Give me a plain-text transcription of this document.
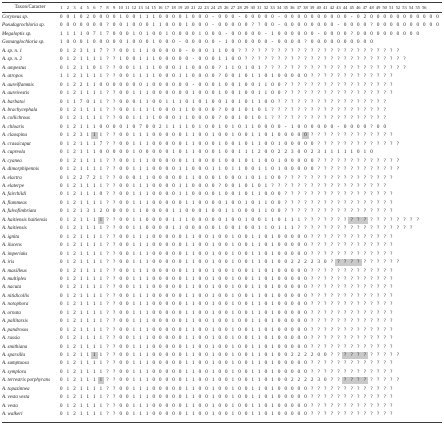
Taxon/Caracter	1 2 3	4 5	6 7 8	9 10 11 12 13 14 15 16 17 18 19 20 21 22 23 24 25 26 27 28 29 30 31 32 33 34 35 36 37 38 39 40 41 42 43 44 45 46 47 48 49 50 51 52 53 54 55 56
Coryneus sp.	0 0 1 0 2 0 0 0 0 1 0 0 1 1 1 0 0 0 0 1 0 0 0 - 0 0 0 - 0 0 0 0 0 - 0 0 0 0 0 0 0 0 0 0 - 0 2 0 0 0 0 0 0 0 0 0 0 0
Pseudagrochloria sp.	0 0 0 0 0 0 0 ? 0 0 1 0 0 0 1 1 0 0 0 1 0 0 0 - 0 0 0 0 0 ? ? 0 0 - 0 0 0 0 0 0 0 0 - 0 0 0 0 ? 0 0 0 0 0 0 0 0 0 0
Megaloptis sp.	1 1 1 1 0 7 1 7 0 0 0 1 0 1 0 0 1 0 0 0 0 1 0 0 0 - 0 0 0 0 0 - 1 0 0 0 0 0 0 - 0 0 0 0 ? 0 0 0 0 0 0 0 0 0 0
Gomanglochloria sp.	1 0 0 0 1 0 0 0 0 0 1 0 0 0 1 0 0 0 - 0 0 0 0 0 - 1 0 0 0 0 0 0 - 0 0 0 0 ? 0 0 0 0 0 0 0 0 0 0
A. sp. n. 1	0 1 2 3 1 1 7 ? ? 0 0 1 1 1 0 0 0 0 0 - 0 0 0 1 1 0 0 ? ? ? ? ? ? ? ? ? ? ? ? ? ? ? ? ? ? ? ? ? ? ? ? ?
A. sp. n. 2	0 1 2 1 1 1 1 ? ? 1 0 0 1 1 1 0 0 0 0 0 - 0 0 0 1 1 0 0 ? ? ? ? ? ? ? ? ? ? ? ? ? ? ? ? ? ? ? ? ? ? ? ? ?
A. ampestus	0 1 2 1 1 0 1 ? ? 0 0 1 1 1 1 0 0 0 1 1 0 0 0 0 ? 1 1 0 1 0 1 ? ? ? ? ? ? ? ? ? ? ? ? ? ? ? ? ? ? ? ? ? ?
A. atropos	1 1 2 1 1 1 1 ? ? 0 0 1 1 1 1 0 0 0 1 1 0 0 0 0 ? 0 0 1 0 1 1 0 1 0 0 0 0 0 ? ? ? ? ? ? ? ? ? ? ? ? ?
A. aureiflammis	0 1 2 2 1 1 0 0 0 0 0 0 0 1 0 0 0 0 0 0 - 0 0 0 1 0 0 1 0 0 1 1 0 0 ? ? ? ? ? ? ? ? ? ? ? ? ? ? ? ? ?
A. aureivestis	0 1 2 1 1 1 1 ? ? 0 0 1 1 1 0 0 0 0 0 0 1 0 0 0 1 0 0 1 0 0 1 1 0 0 ? ? ? ? ? ? ? ? ? ? ? ? ? ? ? ? ?
A. barbatoi	0 1 1 7 0 1 1 ? ? 0 0 0 1 1 0 0 1 1 1 0 1 0 1 0 0 1 0 1 0 1 1 0 0 ? ? ? ? ? ? ? ? ? ? ? ? ? ? ? ? ?
A. brachycephala	0 1 2 1 1 1 1 ? ? 0 0 1 1 1 1 0 0 0 1 1 0 0 0 0 ? 0 0 1 0 1 0 1 ? ? ? ? ? ? ? ? ? ? ? ? ? ? ? ? ? ?
A. collichrous	0 1 2 1 1 1 1 ? ? 0 0 1 1 1 1 0 0 0 1 1 0 0 0 0 ? 0 0 1 0 1 0 1 ? ? ? ? ? ? ? ? ? ? ? ? ? ? ? ? ? ?
A. chloaris	0 1 2 1 1 1 0 0 0 0 1 0 7 0 0 2 1 1 1 1 0 1 0 0 1 0 1 0 1 1 0 0 0 0 - 1 0 0 0 0 0 0 - 0 0 0 0 ? 0 0
A. claospina	0 1 2 3 1 1 1 ? ? 0 0 1 1 1 0 0 0 0 0 1 1 0 0 1 0 0 1 0 0 1 1 0 1 0 0 0 0 0 ? ? ? ? ? ? ? ? ? ? ? ? ?
A. crassicaput	0 1 2 1 1 1 7 ? ? 0 0 1 1 1 0 0 0 0 0 1 1 0 0 0 1 0 0 1 0 1 1 0 0 1 0 0 0 0 0 ? ? ? ? ? ? ? ? ? ? ? ? ?
A. cupreola	0 1 2 1 1 1 0 0 0 0 0 1 0 0 0 0 0 1 0 1 1 0 0 0 1 0 0 1 1 1 2 0 0 2 2 3 0 0 2 3 1 1 1 1 1 0 1 0
A. cyanea	0 1 2 1 1 1 1 ? ? 0 0 1 1 1 0 0 0 0 0 1 1 0 0 0 1 0 0 1 0 1 1 0 0 1 0 0 0 0 0 ? ? ? ? ? ? ? ? ? ? ? ? ?
A. dimorphipennis	0 1 2 1 1 1 1 ? ? 0 0 1 1 1 0 0 0 0 1 1 0 0 0 1 1 0 1 1 0 0 1 1 0 1 0 0 0 0 0 ? ? ? ? ? ? ? ? ? ? ? ? ?
A. elactra	0 1 2 2 7 2 1 ? ? 0 0 0 1 1 0 0 0 0 0 1 1 0 0 0 1 0 0 0 1 0 1 1 0 0 ? ? ? ? ? ? ? ? ? ? ? ? ? ? ? ? ?
A. elaterpe	0 1 2 1 1 1 1 ? ? 0 0 1 1 1 0 0 0 0 1 1 0 0 0 0 ? 0 0 1 0 1 0 1 ? ? ? ? ? ? ? ? ? ? ? ? ? ? ? ? ? ?
A. fairchildi	0 1 2 1 1 1 0 ? ? 0 0 1 1 1 0 0 0 0 1 1 0 0 0 0 1 0 0 1 0 1 1 0 0 0 ? ? ? ? ? ? ? ? ? ? ? ? ? ? ? ? ?
A. flammeas	0 1 2 1 1 1 1 ? ? 0 0 1 1 1 0 0 0 0 0 1 1 0 0 0 0 1 0 0 1 0 1 1 0 0 ? ? ? ? ? ? ? ? ? ? ? ? ? ? ? ? ?
A. fulvofimbriata	0 1 2 1 3 1 2 0 0 0 0 1 1 0 0 0 0 1 1 0 0 0 1 0 0 1 1 0 0 0 1 1 0 0 ? ? ? ? ? ? ? ? ? ? ? ? ? ? ? ? ?
A. haitiensis haitiensis	0 1 2 1 1 1 1 ? ? 0 0 1 1 0 0 0 0 1 1 1 0 0 0 0 0 1 0 0 1 0 0 1 1 0 1 1 1 ? ? ? ? ? ? ? ? ? ? ? ? ? ? ? ? ? ?
A. haitiensis	0 1 2 1 1 1 1 ? ? 0 0 1 1 0 0 0 0 1 1 0 0 0 0 0 1 0 0 1 0 0 1 1 0 1 1 1 ? ? ? ? ? ? ? ? ? ? ? ? ? ? ? ? ? ?
A. ignita	0 1 2 1 1 1 1 ? ? 0 0 1 1 1 0 0 0 0 0 1 1 0 0 1 0 0 1 0 0 1 1 0 1 0 0 0 0 0 ? ? ? ? ? ? ? ? ? ? ? ? ?
A. ilucens	0 1 2 1 1 1 1 ? ? 0 0 1 1 1 0 0 0 0 0 1 1 0 0 1 0 0 1 0 0 1 1 0 1 0 0 0 0 0 ? ? ? ? ? ? ? ? ? ? ? ? ?
A. imperiaks	0 1 2 1 1 1 1 ? ? 0 0 1 1 1 0 0 0 0 0 1 1 0 0 1 0 0 1 0 0 1 1 0 1 0 0 0 0 0 ? ? ? ? ? ? ? ? ? ? ? ? ?
A. iris	0 1 2 1 1 1 1 ? ? 0 0 1 1 1 0 0 0 0 0 1 1 0 0 1 0 0 1 0 0 1 1 0 1 0 0 2 2 2 2 3 0 ? ? ? ? ? ? ? ? ? ? ?
A. maxilleus	0 1 2 1 1 1 1 ? ? 0 0 1 1 1 0 0 0 0 0 1 1 0 0 1 0 0 1 0 0 1 1 0 1 0 0 0 0 0 ? ? ? ? ? ? ? ? ? ? ? ? ?
A. multiplex	0 1 2 1 1 1 1 ? ? 0 0 1 1 1 0 0 0 0 0 1 1 0 0 1 0 0 1 0 0 1 1 0 1 0 0 0 0 0 ? ? ? ? ? ? ? ? ? ? ? ? ?
A. nacuta	0 1 2 1 1 1 1 ? ? 0 0 1 1 1 0 0 0 0 0 1 1 0 0 1 0 0 1 0 0 1 1 0 1 0 0 0 0 0 ? ? ? ? ? ? ? ? ? ? ? ? ?
A. nitidicollis	0 1 2 1 1 1 1 ? ? 0 0 1 1 1 0 0 0 0 0 1 1 0 0 1 0 0 1 0 0 1 1 0 1 0 0 0 0 0 ? ? ? ? ? ? ? ? ? ? ? ? ?
A. notophora	0 1 2 1 1 1 1 ? ? 0 0 1 1 1 0 0 0 0 0 1 1 0 0 1 0 0 1 0 0 1 1 0 1 0 0 0 0 0 ? ? ? ? ? ? ? ? ? ? ? ? ?
A. ornata	0 1 2 1 1 1 1 ? ? 0 0 1 1 1 0 0 0 0 0 1 1 0 0 1 0 0 1 0 0 1 1 0 1 0 0 0 0 0 ? ? ? ? ? ? ? ? ? ? ? ? ?
A. pallitarsis	0 1 2 1 1 1 1 ? ? 0 0 1 1 1 0 0 0 0 0 1 1 0 0 1 0 0 1 0 0 1 1 0 1 0 0 0 0 0 ? ? ? ? ? ? ? ? ? ? ? ? ?
A. pandrosos	0 1 2 1 1 1 1 ? ? 0 0 1 1 1 0 0 0 0 0 1 1 0 0 1 0 0 1 0 0 1 1 0 1 0 0 0 0 0 ? ? ? ? ? ? ? ? ? ? ? ? ?
A. russia	0 1 2 1 1 1 1 ? ? 0 0 1 1 1 0 0 0 0 0 1 1 0 0 1 0 0 1 0 0 1 1 0 1 0 0 0 0 0 ? ? ? ? ? ? ? ? ? ? ? ? ?
A. smithiana	0 1 2 1 1 1 1 ? ? 0 0 1 1 1 0 0 0 0 0 1 1 0 0 1 0 0 1 0 0 1 1 0 1 0 0 0 0 0 ? ? ? ? ? ? ? ? ? ? ? ? ?
A. sparsilla	0 1 2 1 1 1 1 ? ? 0 0 1 1 1 0 0 0 0 0 1 1 0 0 1 0 0 1 0 0 1 1 0 1 0 0 2 2 2 2 0 0 ? ? ? ? ? ? ? ? ? ? ?
A. sumptuosa	0 1 2 1 1 1 1 ? ? 0 0 1 1 1 0 0 0 0 0 1 1 0 0 1 0 0 1 0 0 1 1 0 1 0 0 0 0 0 ? ? ? ? ? ? ? ? ? ? ? ? ?
A. symplora	0 1 2 1 1 1 1 ? ? 0 0 1 1 1 0 0 0 0 0 1 1 0 0 1 0 0 1 0 0 1 1 0 1 0 0 0 0 0 ? ? ? ? ? ? ? ? ? ? ? ? ?
A. terrestris porphyrans	0 1 2 1 1 1 1 ? ? 0 0 1 1 1 0 0 0 0 0 1 1 0 0 1 0 0 1 0 0 1 1 0 1 0 0 2 2 2 2 3 0 ? ? ? ? ? ? ? ? ? ? ?
A. topazinnea	0 1 2 1 1 1 1 ? ? 0 0 1 1 1 0 0 0 0 0 1 1 0 0 1 0 0 1 0 0 1 1 0 1 0 0 0 0 0 ? ? ? ? ? ? ? ? ? ? ? ? ?
A. vesta vesta	0 1 2 1 1 1 1 ? ? 0 0 1 1 1 0 0 0 0 0 1 1 0 0 1 0 0 1 0 0 1 1 0 1 0 0 0 0 0 ? ? ? ? ? ? ? ? ? ? ? ? ?
A. vesta	0 1 2 1 1 1 1 ? ? 0 0 1 1 1 0 0 0 0 0 1 1 0 0 1 0 0 1 0 0 1 1 0 1 0 0 0 0 0 ? ? ? ? ? ? ? ? ? ? ? ? ?
A. walkeri	0 1 2 1 1 1 1 ? ? 0 0 1 1 1 0 0 0 0 0 1 1 0 0 1 0 0 1 0 0 1 1 0 1 0 0 0 0 0 ? ? ? ? ? ? ? ? ? ? ? ? ?
